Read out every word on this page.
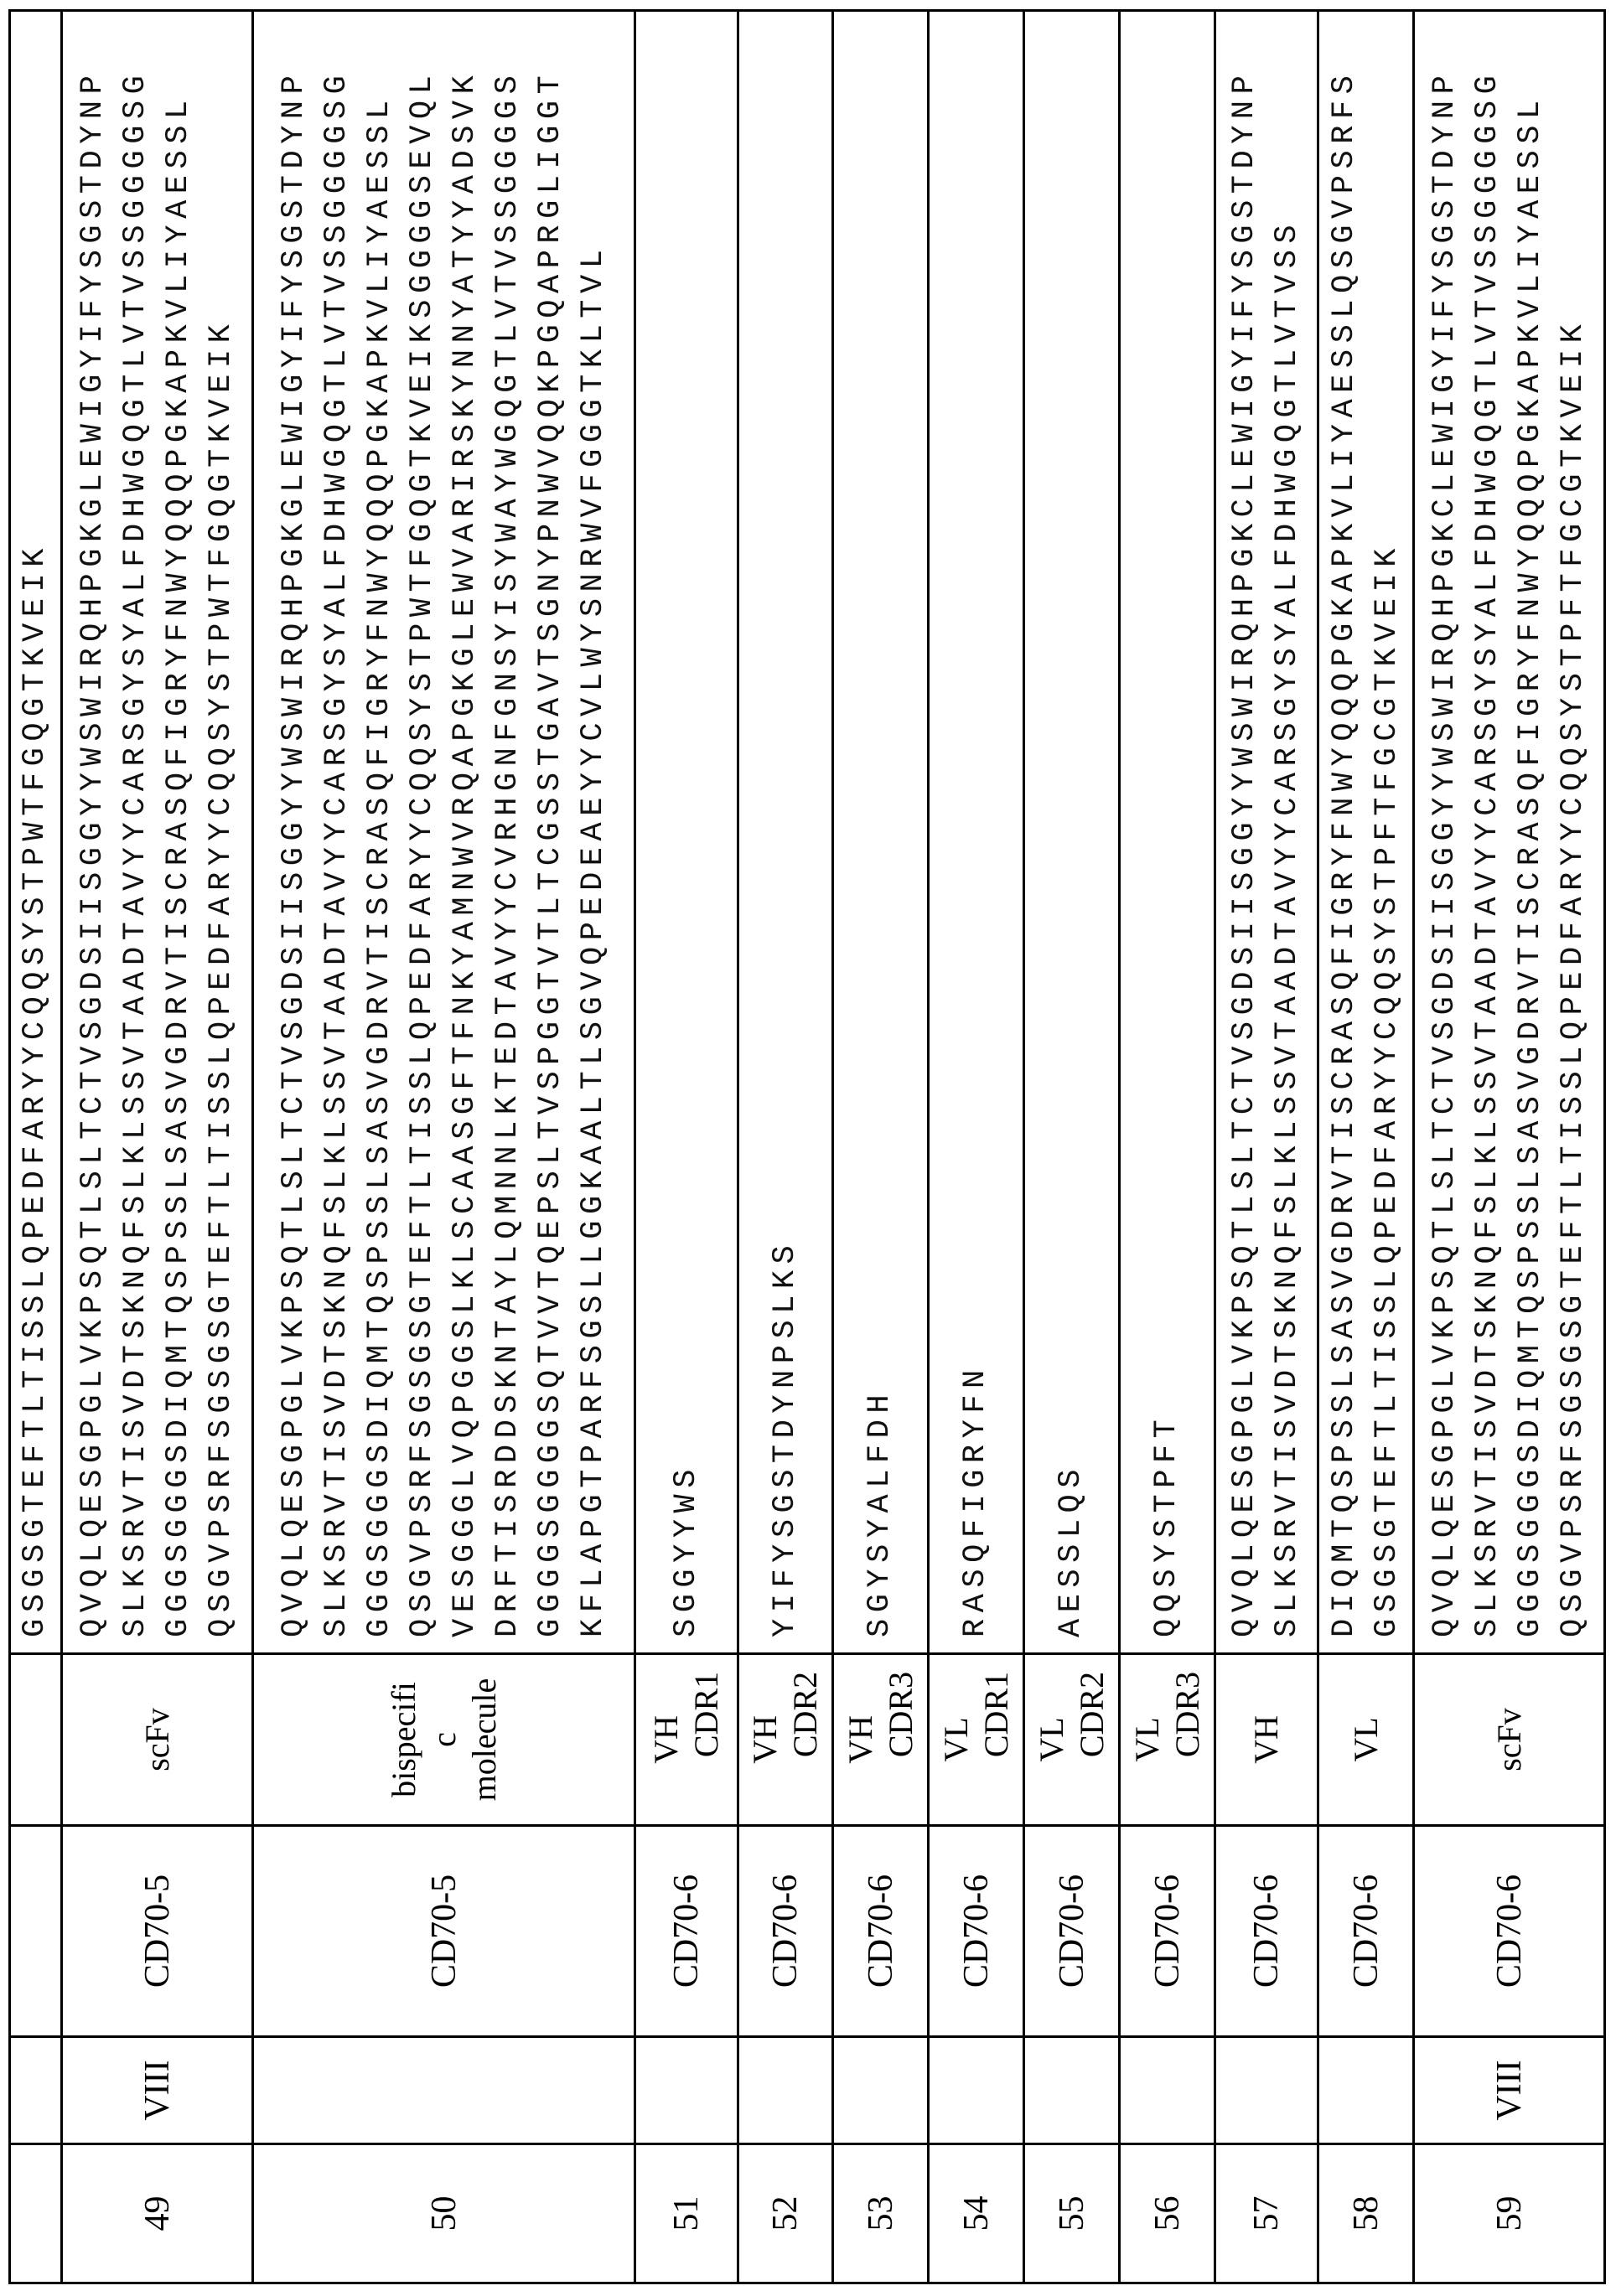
GSGSGTEFTLTISSLQPEDFARYYCQQSYSTPWTFGQGTKVEIK

49	VIII	CD70-5	
scFv

QVQLQESGPGLVKPSQTLSLTCTVSGDSIISGGYYWSWIRQHPGKGLEWIGYIFYSGSTDYNP SLKSRVTISVDTSKNQFSLKLSSVTAADTAVYYCARSGYSYALFDHWGQGTLVTVSSGGGGSG GGGSGGGSDIQMTQSPSSLSASVGDRVTISCRASQFIGRYFNWYQQQPGKAPKVLIYAESSL QSGVPSRFSGSGSGTEFTLTISSLQPEDFARYYCQQSYSTPWTFGQGTKVEIK

50		CD70-5	
bispecifi c molecule

QVQLQESGPGLVKPSQTLSLTCTVSGDSIISGGYYWSWIRQHPGKGLEWIGYIFYSGSTDYNP SLKSRVTISVDTSKNQFSLKLSSVTAADTAVYYCARSGYSYALFDHWGQGTLVTVSSGGGGSG GGGSGGGSDIQMTQSPSSLSASVGDRVTISCRASQFIGRYFNWYQQQPGKAPKVLIYAESSL QSGVPSRFSGSGSGTEFTLTISSLQPEDFARYYCQQSYSTPWTFGQGTKVEIKSGGGGSEVQL VESGGGLVQPGGSLKLSCAASGFTFNKYAMNWVRQAPGKGLEWVARIRSKYNNYATYYADSVK DRFTISRDDSKNTAYLQMNNLKTEDTAVYYCVRHGNFGNSYISYWAYWGQGTLVTVSSGGGGS GGGGSGGGGSQTVVTQEPSLTVSPGGTVTLTCGSSTGAVTSGNYPNWVQQKPGQAPRGLIGGT KFLAPGTPARFSGSLLGGKAALTLSGVQPEDEAEYYCVLWYSNRWVFGGGTKLTVL

51		CD70-6	
VH CDR1

SGGYYWS

52		CD70-6	
VH CDR2

YIFYSGSTDYNPSLKS

53		CD70-6	
VH CDR3

SGYSYALFDH

54		CD70-6	
VL CDR1

RASQFIGRYFN

55		CD70-6	
VL CDR2

AESSLQS

56		CD70-6	
VL CDR3

QQSYSTPFT

57		CD70-6	
VH

QVQLQESGPGLVKPSQTLSLTCTVSGDSIISGGYYWSWIRQHPGKCLEWIGYIFYSGSTDYNP SLKSRVTISVDTSKNQFSLKLSSVTAADTAVYYCARSGYSYALFDHWGQGTLVTVSS

58		CD70-6	
VL

DIQMTQSPSSLSASVGDRVTISCRASQFIGRYFNWYQQQPGKAPKVLIYAESSLQSGVPSRFS GSGSGTEFTLTISSLQPEDFARYYCQQSYSTPFTFGCGTKVEIK

59	VIII	CD70-6	
scFv

QVQLQESGPGLVKPSQTLSLTCTVSGDSIISGGYYWSWIRQHPGKCLEWIGYIFYSGSTDYNP SLKSRVTISVDTSKNQFSLKLSSVTAADTAVYYCARSGYSYALFDHWGQGTLVTVSSGGGGSG GGGSGGGSDIQMTQSPSSLSASVGDRVTISCRASQFIGRYFNWYQQQPGKAPKVLIYAESSL QSGVPSRFSGSGSGTEFTLTISSLQPEDFARYYCQQSYSTPFTFGCGTKVEIK
